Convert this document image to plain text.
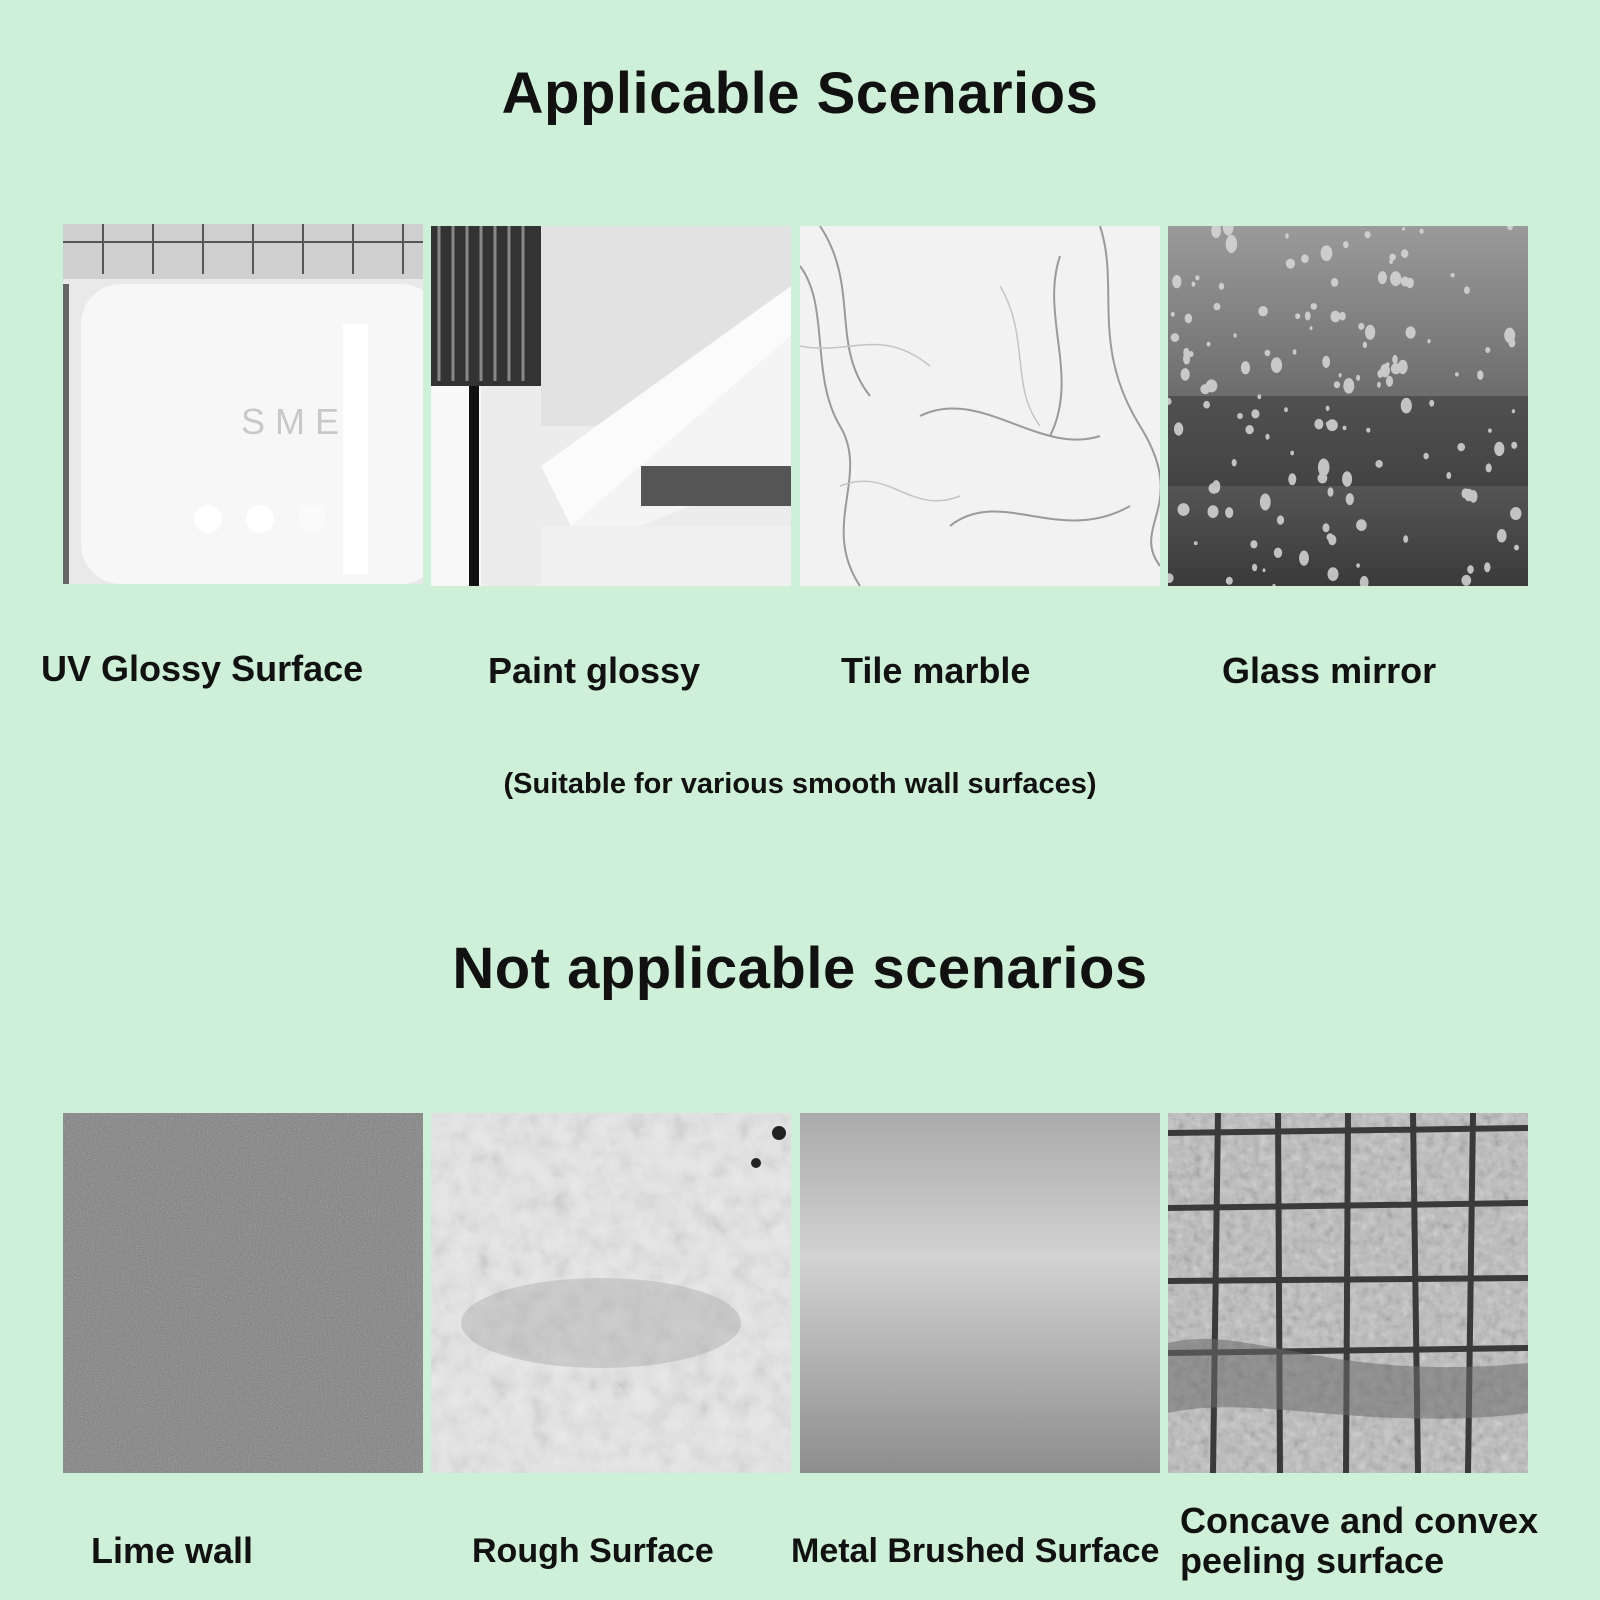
Applicable Scenarios
S M E
UV Glossy Surface	Paint glossy	Tile marble	Glass mirror
(Suitable for various smooth wall surfaces)
Not applicable scenarios
Lime wall	Rough Surface Metal Brushed Surface
Concave and convex
peeling surface
